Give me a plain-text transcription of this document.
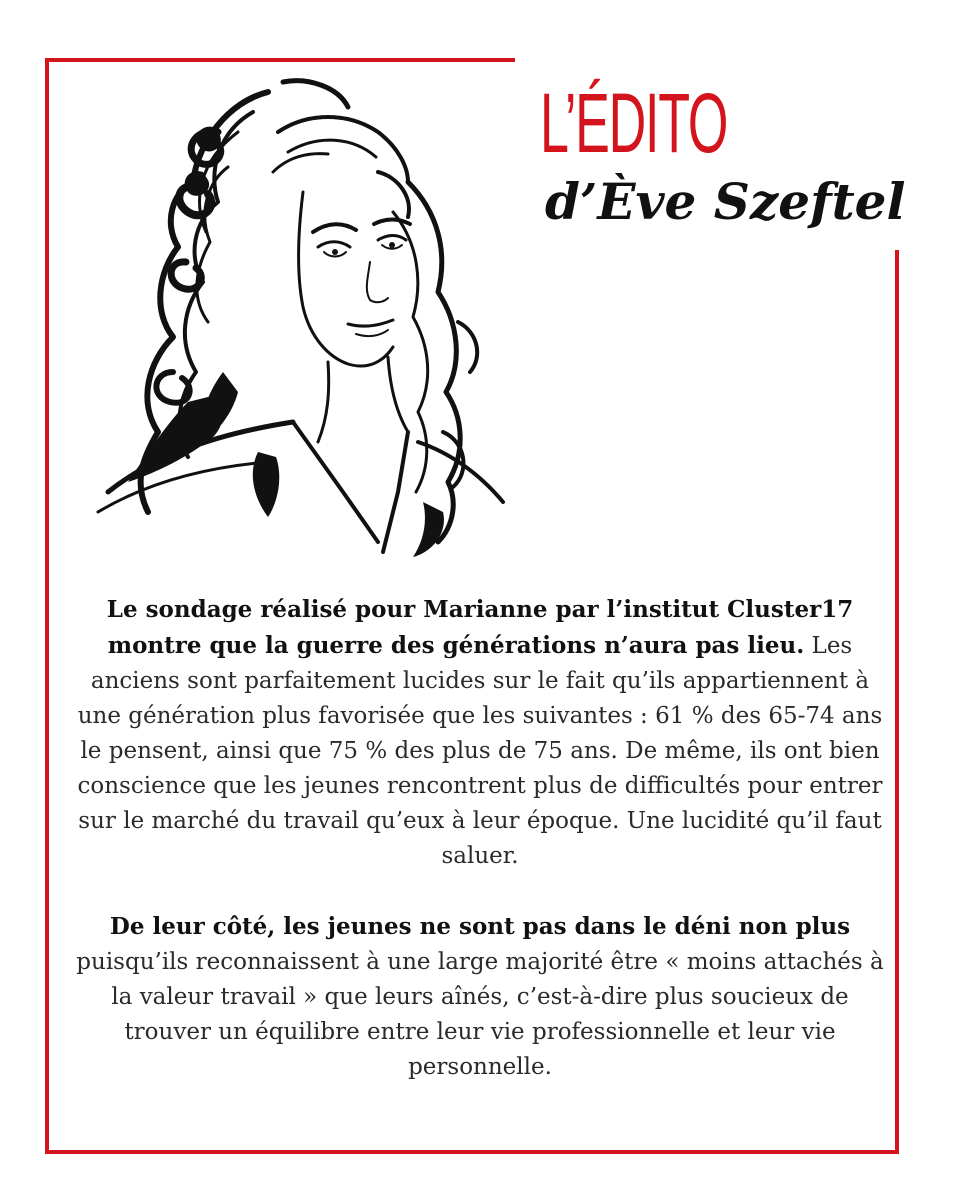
L’ÉDITO
d’Ève Szeftel

Le sondage réalisé pour Marianne par l’institut Cluster17 montre que la guerre des générations n’aura pas lieu. Les anciens sont parfaitement lucides sur le fait qu’ils appartiennent à une génération plus favorisée que les suivantes : 61 % des 65-74 ans le pensent, ainsi que 75 % des plus de 75 ans. De même, ils ont bien conscience que les jeunes rencontrent plus de difficultés pour entrer sur le marché du travail qu’eux à leur époque. Une lucidité qu’il faut saluer.

De leur côté, les jeunes ne sont pas dans le déni non plus puisqu’ils reconnaissent à une large majorité être « moins attachés à la valeur travail » que leurs aînés, c’est-à-dire plus soucieux de trouver un équilibre entre leur vie professionnelle et leur vie personnelle.
